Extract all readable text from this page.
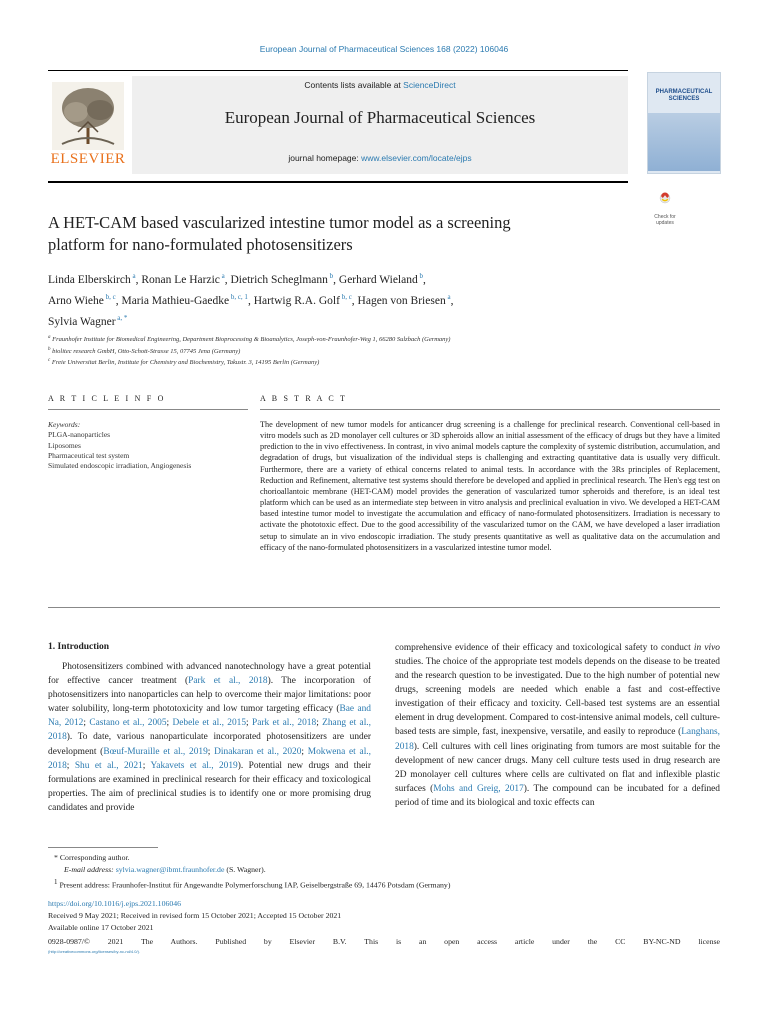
European Journal of Pharmaceutical Sciences 168 (2022) 106046
ELSEVIER
Contents lists available at ScienceDirect
European Journal of Pharmaceutical Sciences
journal homepage: www.elsevier.com/locate/ejps
PHARMACEUTICAL SCIENCES
Check for updates
A HET-CAM based vascularized intestine tumor model as a screening
platform for nano-formulated photosensitizers
Linda Elberskirch $^a$, Ronan Le Harzic $^a$, Dietrich Scheglmann $^b$, Gerhard Wieland $^b$,
Arno Wiehe $^{b, c}$, Maria Mathieu-Gaedke $^{b, c, 1}$, Hartwig R.A. Golf $^{b, c}$, Hagen von Briesen $^a$,
Sylvia Wagner $^{a, *}$
$^a$ Fraunhofer Institute for Biomedical Engineering, Department Bioprocessing & Bioanalytics, Joseph-von-Fraunhofer-Weg 1, 66280 Sulzbach (Germany)
$^b$ biolitec research GmbH, Otto-Schott-Strasse 15, 07745 Jena (Germany)
$^c$ Freie Universitat Berlin, Institute for Chemistry and Biochemistry, Takustr. 3, 14195 Berlin (Germany)
A R T I C L E I N F O	A B S T R A C T
Keywords:
PLGA-nanoparticles
Liposomes
Pharmaceutical test system
Simulated endoscopic irradiation, Angiogenesis
The development of new tumor models for anticancer drug screening is a challenge for preclinical research. Conventional cell-based in vitro models such as 2D monolayer cell cultures or 3D spheroids allow an initial assessment of the efficacy of drugs but they have a limited prediction to the in vivo effectiveness. In contrast, in vivo animal models capture the complexity of systemic distribution, accumulation, and degradation of drugs, but visualization of the individual steps is challenging and extracting quantitative data is usually very difficult. Furthermore, there are a variety of ethical concerns related to animal tests. In accordance with the 3Rs principles of Replacement, Reduction and Refinement, alternative test systems should therefore be developed and applied in preclinical research. The Hen's egg test on chorioallantoic membrane (HET-CAM) model provides the generation of vascularized tumor spheroids and therefore, is an ideal test platform which can be used as an intermediate step between in vitro analysis and preclinical evaluation in vivo. We developed a HET-CAM based intestine tumor model to investigate the accumulation and efficacy of nano-formulated photosensitizers. Irradiation is necessary to activate the phototoxic effect. Due to the good accessibility of the vascularized tumor on the CAM, we have developed a laser irradiation setup to simulate an in vivo endoscopic irradiation. The study presents quantitative as well as qualitative data on the accumulation and efficacy of the nano-formulated photosensitizers in a vascularized intestine tumor model.
1. Introduction
Photosensitizers combined with advanced nanotechnology have a great potential for effective cancer treatment (Park et al., 2018). The incorporation of photosensitizers into nanoparticles can help to overcome their major limitations: poor water solubility, long-term phototoxicity and low tumor targeting efficacy (Bae and Na, 2012; Castano et al., 2005; Debele et al., 2015; Park et al., 2018; Zhang et al., 2018). To date, various nanoparticulate incorporated photosensitizers are under development (Bœuf-Muraille et al., 2019; Dinakaran et al., 2020; Mokwena et al., 2018; Shu et al., 2021; Yakavets et al., 2019). Potential new drugs and their formulations are examined in preclinical research for their efficacy and toxicological properties. The aim of preclinical studies is to identify one or more promising drug candidates and provide
comprehensive evidence of their efficacy and toxicological safety to conduct in vivo studies. The choice of the appropriate test models depends on the disease to be treated and the research question to be investigated. Due to the high number of potential new drugs, screening models are needed which enable a fast and cost-effective investigation of their efficacy and toxicity. Cell-based test systems are an essential element in drug development. Compared to cost-intensive animal models, cell culture-based tests are simple, fast, inexpensive, versatile, and easily to reproduce (Langhans, 2018). Cell cultures with cell lines originating from tumors are most suitable for the development of new cancer drugs. Many cell culture tests used in drug research are 2D monolayer cell cultures where cells are cultivated on flat and inflexible plastic surfaces (Mohs and Greig, 2017). The compound can be incubated for a defined period of time and its biological and toxic effects can
* Corresponding author.
E-mail address: sylvia.wagner@ibmt.fraunhofer.de (S. Wagner).
$^1$ Present address: Fraunhofer-Institut für Angewandte Polymerforschung IAP, Geiselbergstraße 69, 14476 Potsdam (Germany)
https://doi.org/10.1016/j.ejps.2021.106046
Received 9 May 2021; Received in revised form 15 October 2021; Accepted 15 October 2021
Available online 17 October 2021
0928-0987/© 2021 The Authors. Published by Elsevier B.V. This is an open access article under the CC BY-NC-ND license
(http://creativecommons.org/licenses/by-nc-nd/4.0/).
